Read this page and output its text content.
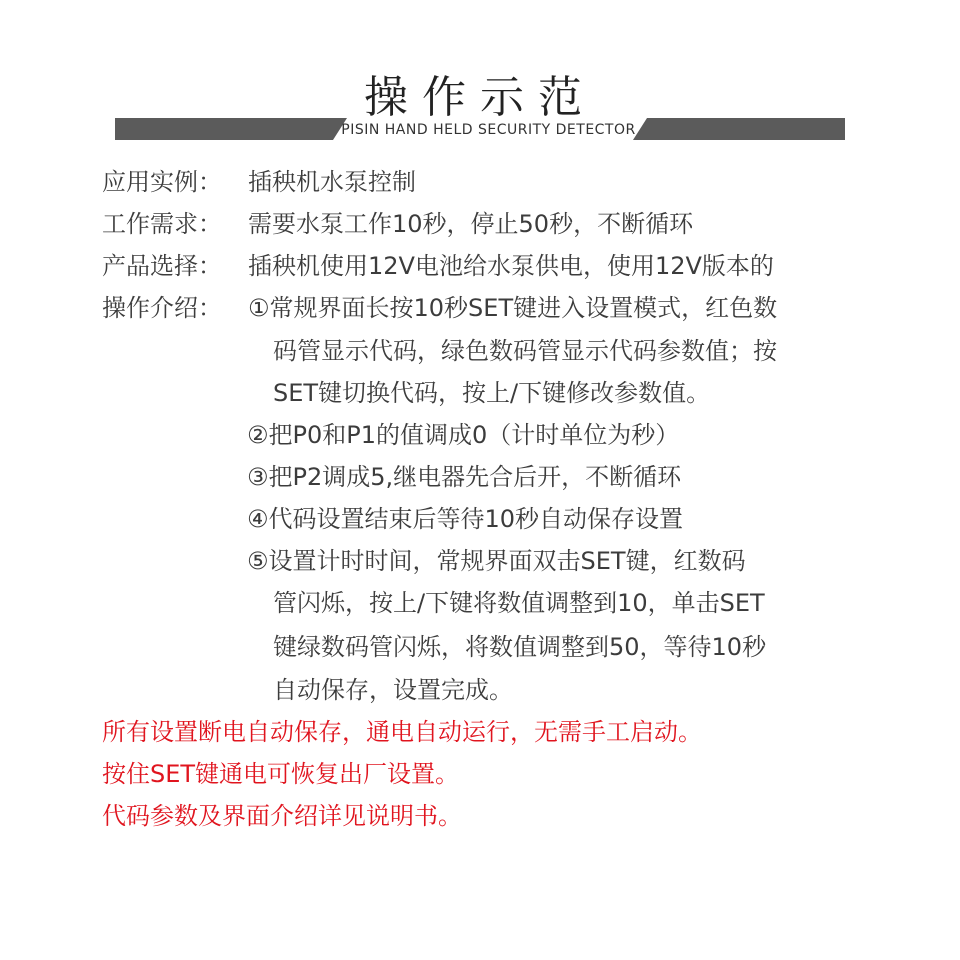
操作示范
PISIN HAND HELD SECURITY DETECTOR
应用实例： 插秧机水泵控制
工作需求： 需要水泵工作10秒，停止50秒，不断循环
产品选择： 插秧机使用12V电池给水泵供电，使用12V版本的
操作介绍： ①常规界面长按10秒SET键进入设置模式，红色数
码管显示代码，绿色数码管显示代码参数值；按
SET键切换代码，按上/下键修改参数值。
②把P0和P1的值调成0（计时单位为秒）
③把P2调成5,继电器先合后开，不断循环
④代码设置结束后等待10秒自动保存设置
⑤设置计时时间，常规界面双击SET键，红数码
管闪烁，按上/下键将数值调整到10，单击SET
键绿数码管闪烁，将数值调整到50，等待10秒
自动保存，设置完成。
所有设置断电自动保存，通电自动运行，无需手工启动。
按住SET键通电可恢复出厂设置。
代码参数及界面介绍详见说明书。
